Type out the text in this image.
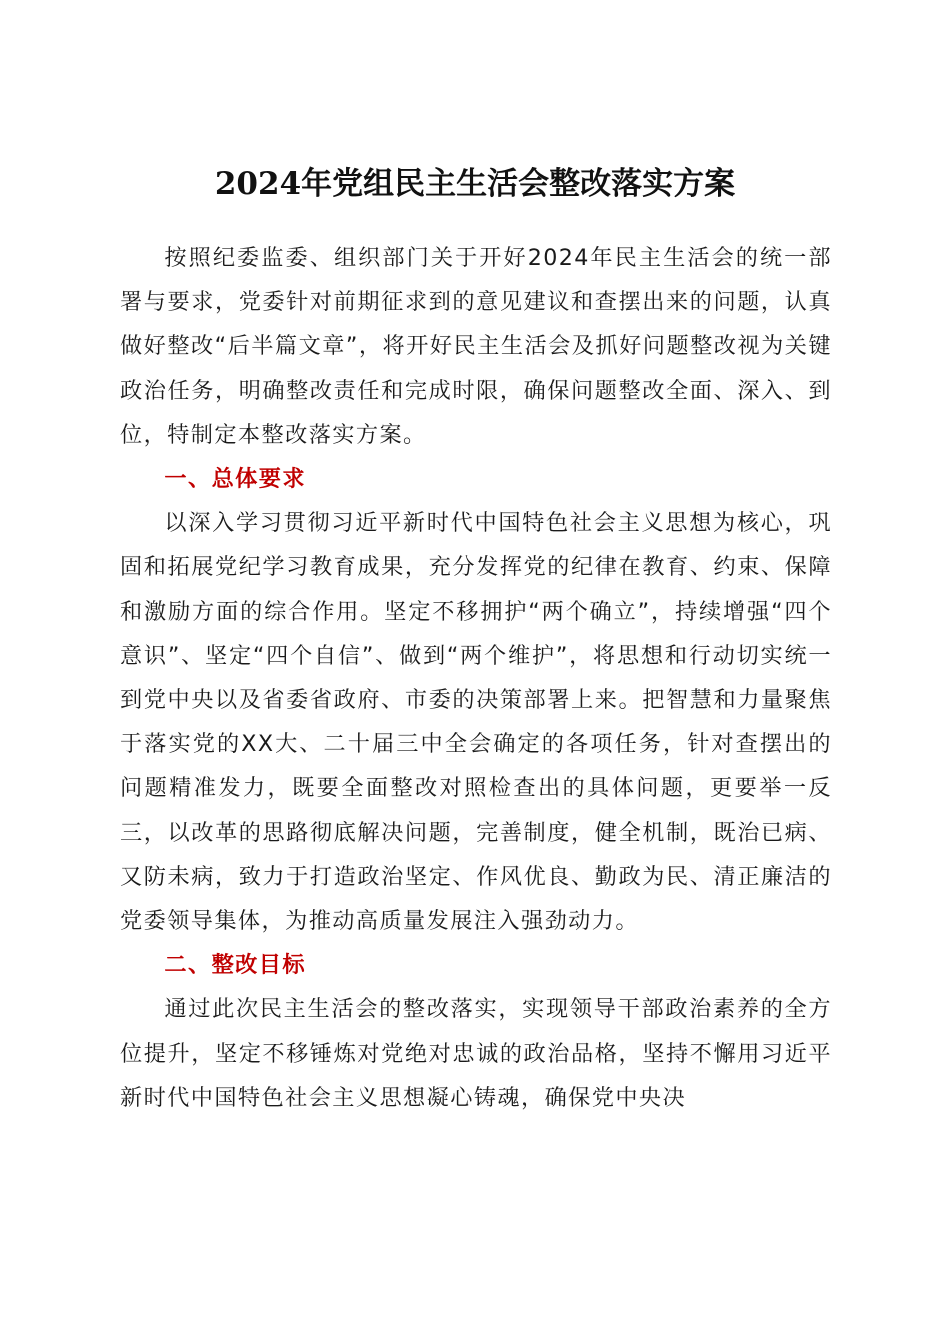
2024年党组民主生活会整改落实方案

按照纪委监委、组织部门关于开好2024年民主生活会的统一部署与要求，党委针对前期征求到的意见建议和查摆出来的问题，认真做好整改“后半篇文章”，将开好民主生活会及抓好问题整改视为关键政治任务，明确整改责任和完成时限，确保问题整改全面、深入、到位，特制定本整改落实方案。

一、总体要求

以深入学习贯彻习近平新时代中国特色社会主义思想为核心，巩固和拓展党纪学习教育成果，充分发挥党的纪律在教育、约束、保障和激励方面的综合作用。坚定不移拥护“两个确立”，持续增强“四个意识”、坚定“四个自信”、做到“两个维护”，将思想和行动切实统一到党中央以及省委省政府、市委的决策部署上来。把智慧和力量聚焦于落实党的XX大、二十届三中全会确定的各项任务，针对查摆出的问题精准发力，既要全面整改对照检查出的具体问题，更要举一反三，以改革的思路彻底解决问题，完善制度，健全机制，既治已病、又防未病，致力于打造政治坚定、作风优良、勤政为民、清正廉洁的党委领导集体，为推动高质量发展注入强劲动力。

二、整改目标

通过此次民主生活会的整改落实，实现领导干部政治素养的全方位提升，坚定不移锤炼对党绝对忠诚的政治品格，坚持不懈用习近平新时代中国特色社会主义思想凝心铸魂，确保党中央决
